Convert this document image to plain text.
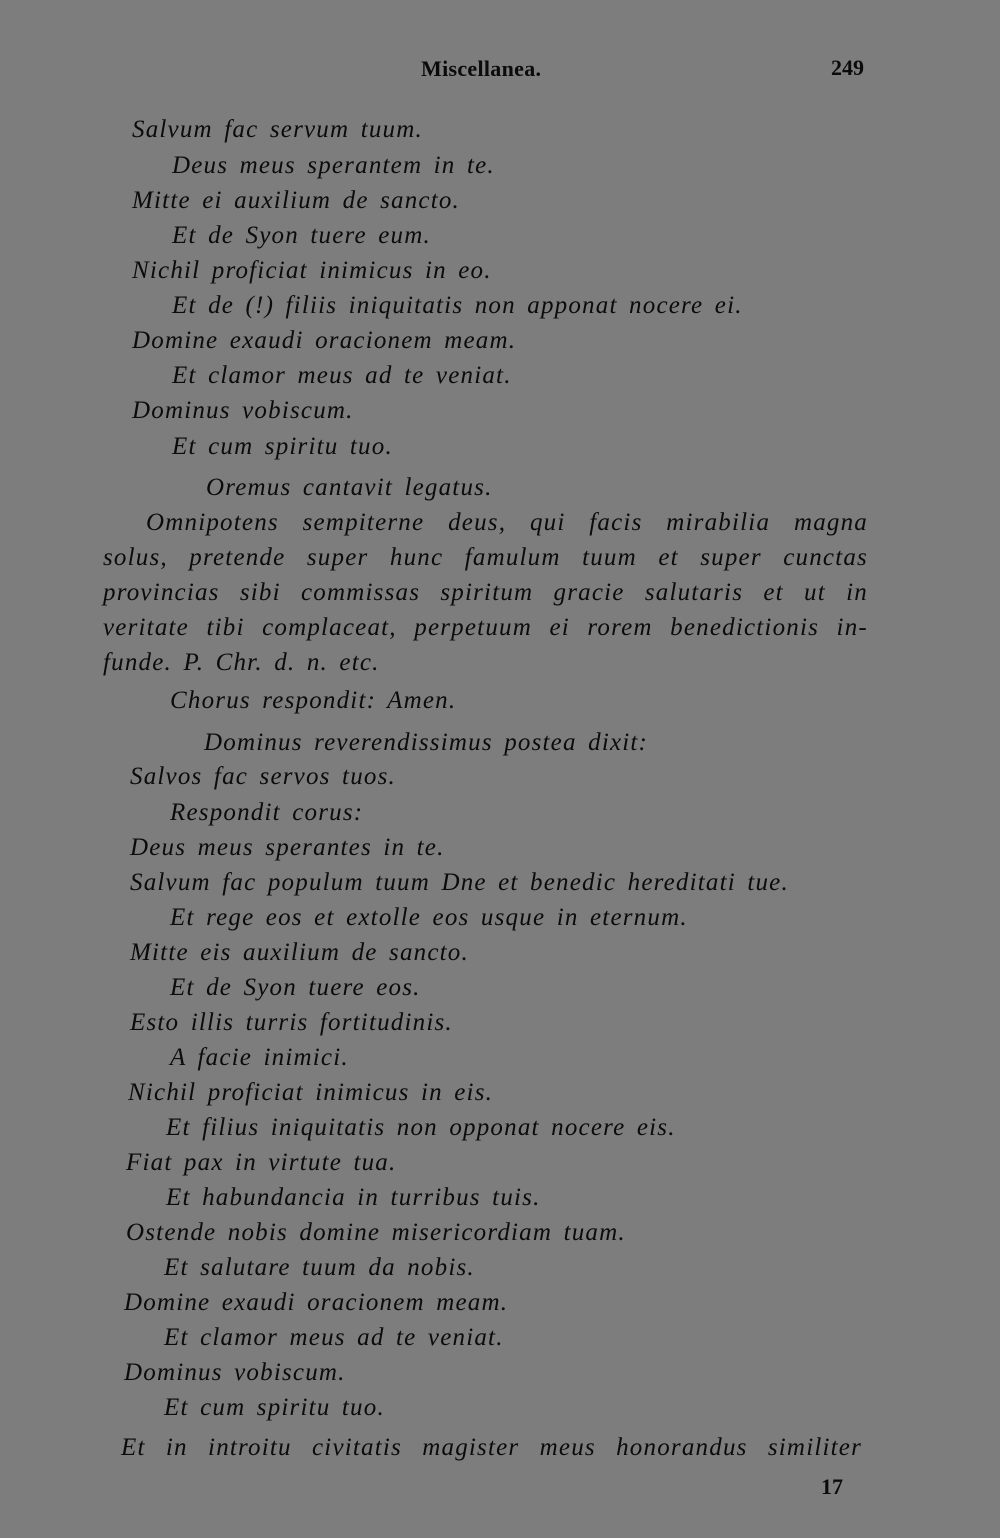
Miscellanea.	249
Salvum fac servum tuum.
Deus meus sperantem in te.
Mitte ei auxilium de sancto.
Et de Syon tuere eum.
Nichil proficiat inimicus in eo.
Et de (!) filiis iniquitatis non apponat nocere ei.
Domine exaudi oracionem meam.
Et clamor meus ad te veniat.
Dominus vobiscum.
Et cum spiritu tuo.
Oremus cantavit legatus.
Omnipotens sempiterne deus, qui facis mirabilia magna
solus, pretende super hunc famulum tuum et super cunctas
provincias sibi commissas spiritum gracie salutaris et ut in
veritate tibi complaceat, perpetuum ei rorem benedictionis in-
funde. P. Chr. d. n. etc.
Chorus respondit: Amen.
Dominus reverendissimus postea dixit:
Salvos fac servos tuos.
Respondit corus:
Deus meus sperantes in te.
Salvum fac populum tuum Dne et benedic hereditati tue.
Et rege eos et extolle eos usque in eternum.
Mitte eis auxilium de sancto.
Et de Syon tuere eos.
Esto illis turris fortitudinis.
A facie inimici.
Nichil proficiat inimicus in eis.
Et filius iniquitatis non opponat nocere eis.
Fiat pax in virtute tua.
Et habundancia in turribus tuis.
Ostende nobis domine misericordiam tuam.
Et salutare tuum da nobis.
Domine exaudi oracionem meam.
Et clamor meus ad te veniat.
Dominus vobiscum.
Et cum spiritu tuo.
Et in introitu civitatis magister meus honorandus similiter
17
